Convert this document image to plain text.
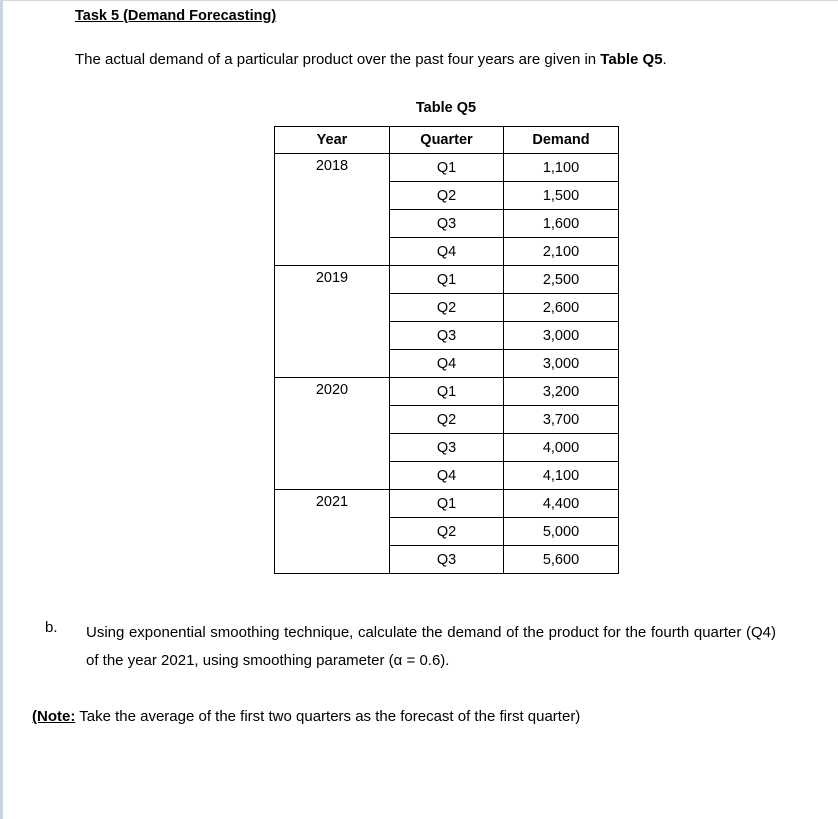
Task 5 (Demand Forecasting)
The actual demand of a particular product over the past four years are given in Table Q5.
Table Q5
Year	Quarter	Demand
2018	Q1	1,100
	Q2	1,500
	Q3	1,600
	Q4	2,100
2019	Q1	2,500
	Q2	2,600
	Q3	3,000
	Q4	3,000
2020	Q1	3,200
	Q2	3,700
	Q3	4,000
	Q4	4,100
2021	Q1	4,400
	Q2	5,000
	Q3	5,600
b. Using exponential smoothing technique, calculate the demand of the product for the fourth quarter (Q4) of the year 2021, using smoothing parameter (α = 0.6).
(Note: Take the average of the first two quarters as the forecast of the first quarter)
